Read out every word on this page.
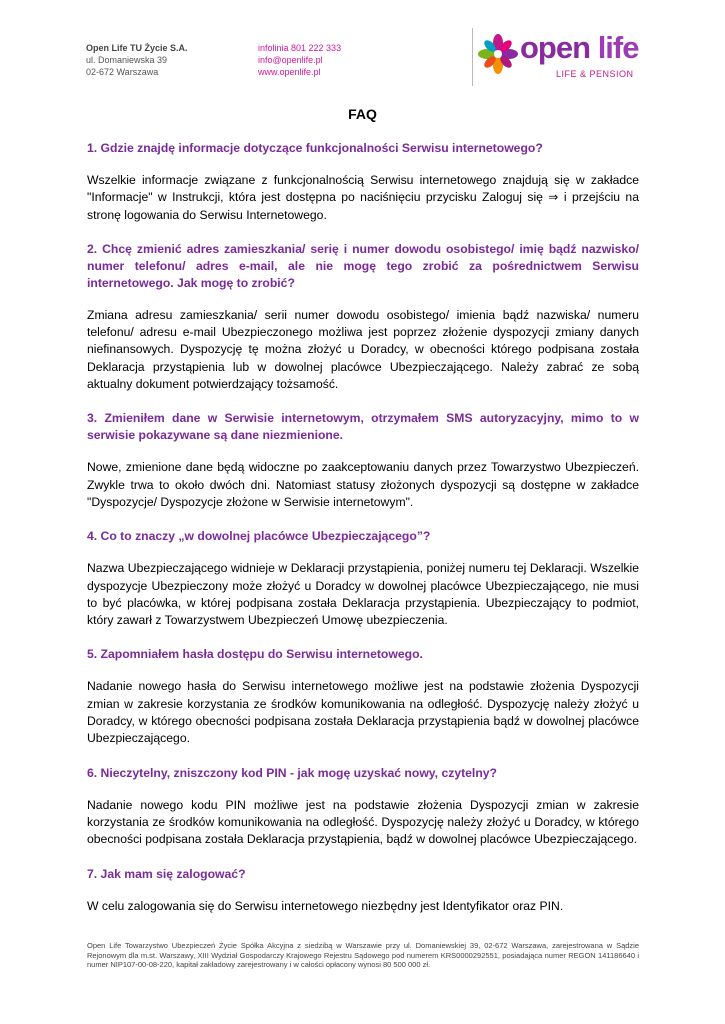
Open Life TU Życie S.A.
ul. Domaniewska 39
02-672 Warszawa
infolinia 801 222 333
info@openlife.pl
www.openlife.pl
open life
LIFE & PENSION
FAQ

1. Gdzie znajdę informacje dotyczące funkcjonalności Serwisu internetowego?

Wszelkie informacje związane z funkcjonalnością Serwisu internetowego znajdują się w zakładce "Informacje" w Instrukcji, która jest dostępna po naciśnięciu przycisku Zaloguj się ⇒ i przejściu na stronę logowania do Serwisu Internetowego.

2. Chcę zmienić adres zamieszkania/ serię i numer dowodu osobistego/ imię bądź nazwisko/ numer telefonu/ adres e-mail, ale nie mogę tego zrobić za pośrednictwem Serwisu internetowego. Jak mogę to zrobić?

Zmiana adresu zamieszkania/ serii numer dowodu osobistego/ imienia bądź nazwiska/ numeru telefonu/ adresu e-mail Ubezpieczonego możliwa jest poprzez złożenie dyspozycji zmiany danych niefinansowych. Dyspozycję tę można złożyć u Doradcy, w obecności którego podpisana została Deklaracja przystąpienia lub w dowolnej placówce Ubezpieczającego. Należy zabrać ze sobą aktualny dokument potwierdzający tożsamość.

3. Zmieniłem dane w Serwisie internetowym, otrzymałem SMS autoryzacyjny, mimo to w serwisie pokazywane są dane niezmienione.

Nowe, zmienione dane będą widoczne po zaakceptowaniu danych przez Towarzystwo Ubezpieczeń. Zwykle trwa to około dwóch dni. Natomiast statusy złożonych dyspozycji są dostępne w zakładce "Dyspozycje/ Dyspozycje złożone w Serwisie internetowym".

4. Co to znaczy „w dowolnej placówce Ubezpieczającego”?

Nazwa Ubezpieczającego widnieje w Deklaracji przystąpienia, poniżej numeru tej Deklaracji. Wszelkie dyspozycje Ubezpieczony może złożyć u Doradcy w dowolnej placówce Ubezpieczającego, nie musi to być placówka, w której podpisana została Deklaracja przystąpienia. Ubezpieczający to podmiot, który zawarł z Towarzystwem Ubezpieczeń Umowę ubezpieczenia.

5. Zapomniałem hasła dostępu do Serwisu internetowego.

Nadanie nowego hasła do Serwisu internetowego możliwe jest na podstawie złożenia Dyspozycji zmian w zakresie korzystania ze środków komunikowania na odległość. Dyspozycję należy złożyć u Doradcy, w którego obecności podpisana została Deklaracja przystąpienia bądź w dowolnej placówce Ubezpieczającego.

6. Nieczytelny, zniszczony kod PIN - jak mogę uzyskać nowy, czytelny?

Nadanie nowego kodu PIN możliwe jest na podstawie złożenia Dyspozycji zmian w zakresie korzystania ze środków komunikowania na odległość. Dyspozycję należy złożyć u Doradcy, w którego obecności podpisana została Deklaracja przystąpienia, bądź w dowolnej placówce Ubezpieczającego.

7. Jak mam się zalogować?

W celu zalogowania się do Serwisu internetowego niezbędny jest Identyfikator oraz PIN.

Open Life Towarzystwo Ubezpieczeń Życie Spółka Akcyjna z siedzibą w Warszawie przy ul. Domaniewskiej 39, 02-672 Warszawa, zarejestrowana w Sądzie Rejonowym dla m.st. Warszawy, XIII Wydział Gospodarczy Krajowego Rejestru Sądowego pod numerem KRS0000292551, posiadająca numer REGON 141186640 i numer NIP107-00-08-220, kapitał zakładowy zarejestrowany i w całości opłacony wynosi 80 500 000 zł.
